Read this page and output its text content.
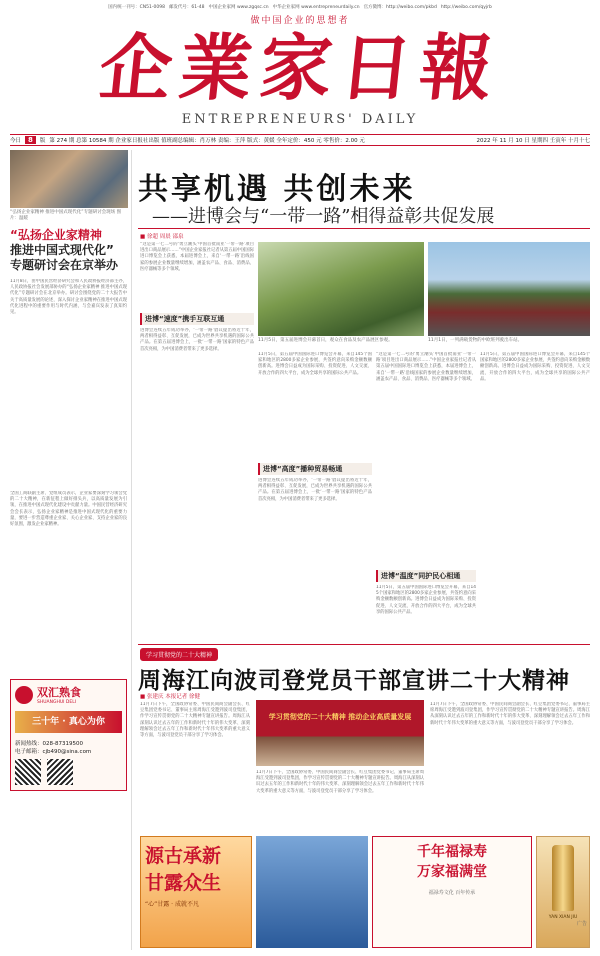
国内统一刊号：CN51-0098 邮发代号：61-48 中国企业家网 www.zgqsc.cn 中华企业家网 www.entrepreneurdaily.cn 官方微博：http://weibo.com/pkbd http://weibo.com/qyjrb
做中国企业的思想者
企業家日報
ENTREPRENEURS' DAILY
今日	8	版 第 274 期 总第 10584 期 企业家日报社出版 值班副总编辑：肖万林 责编：王萍 版式：黄媛 全年定价：450 元 零售价：2.00 元	2022 年 11 月 10 日 星期四 壬寅年 十月十七
“弘扬企业家精神 推进中国式现代化”专题研讨会现场 图片：温暖
“弘扬企业家精神
推进中国式现代化”
专题研讨会在京举办
11月8日，由中国民营经济研究会和人民政协报经济部主办，人民政协报社会发展部协办的“弘扬企业家精神 推进中国式现代化”专题研讨会在北京举办。研讨会围绕党的二十大报告中关于高质量发展的论述，深入探讨企业家精神在推进中国式现代化进程中的重要作用与时代内涵，与会嘉宾发表了真知灼见。
全国工商联副主席、党组成员表示，企业家要深刻学习领会党的二十大精神，在新征程上做好排头兵，以高质量发展为引领，在推进中国式现代化建设中贡献力量。中国民营经济研究会会长表示，弘扬企业家精神是推进中国式现代化的重要力量，要进一步营造尊重企业家、关心企业家、支持企业家的良好氛围，激发企业家精神。
双汇熟食
SHUANGHUI DELI
三十年 · 真心为你
新闻热线：028-87319500
电子邮箱：cjb490@sina.com
共享机遇 共创未来
——进博会与“一带一路”相得益彰共促发展
■ 徐超 周晨 邵泉
“这是第一七二号的‘勇立潮头’中国首批南亚‘一带一路’项目进出口商品展示……”中国企业家报社记者从第五届中国国际进口博览会上获悉，本届进博会上，来自‘一带一路’沿线国家的参展企业数量继续增加，涵盖农产品、食品、消费品、医疗器械等多个领域。
进博“速度”携手互联互通
进博会连续五年成功举办，‘一带一路’倡议提出将近十年，两者相得益彰、互促发展，已成为世界共享机遇的国际公共产品。在第五届进博会上，一批‘一带一路’国家的特色产品首次亮相，为中国消费者带来了更多选择。
11月5日，第五届进博会开幕首日，观众在食品及农产品展区参观。	11月1日，一列满载货物的中欧班列驶出车站。
11月5日，第五届中国国际进口博览会开幕，来自145个国家和地区的2800多家企业参展，共签约意向采购金额数额创新高。进博会日益成为国际采购、投资促进、人文交流、开放合作的四大平台，成为全球共享的国际公共产品。
进博“高度”播种贸易畅通
进博会连续五年成功举办，‘一带一路’倡议提出将近十年，两者相得益彰、互促发展，已成为世界共享机遇的国际公共产品。在第五届进博会上，一批‘一带一路’国家的特色产品首次亮相，为中国消费者带来了更多选择。
“这是第一七二号的‘勇立潮头’中国首批南亚‘一带一路’项目进出口商品展示……”中国企业家报社记者从第五届中国国际进口博览会上获悉，本届进博会上，来自‘一带一路’沿线国家的参展企业数量继续增加，涵盖农产品、食品、消费品、医疗器械等多个领域。
进博“温度”同护民心相通
11月5日，第五届中国国际进口博览会开幕，来自145个国家和地区的2800多家企业参展，共签约意向采购金额数额创新高。进博会日益成为国际采购、投资促进、人文交流、开放合作的四大平台，成为全球共享的国际公共产品。
11月5日，第五届中国国际进口博览会开幕，来自145个国家和地区的2800多家企业参展，共签约意向采购金额数额创新高。进博会日益成为国际采购、投资促进、人文交流、开放合作的四大平台，成为全球共享的国际公共产品。
学习贯彻党的二十大精神
周海江向波司登党员干部宣讲二十大精神
■ 张建庆 本报记者 徐健
11月7日下午，全国政协常委、中国民间商会副会长、红豆集团党委书记、董事局主席周海江受邀到波司登集团，作学习宣传贯彻党的二十大精神专题宣讲报告。周海江从深刻认识过去五年的工作和新时代十年的伟大变革、深刻理解领会过去五年工作和新时代十年伟大变革的重大意义等方面，与波司登党员干部分享了学习体会。
学习贯彻党的二十大精神 推动企业高质量发展
11月7日下午，全国政协常委、中国民间商会副会长、红豆集团党委书记、董事局主席周海江受邀到波司登集团，作学习宣传贯彻党的二十大精神专题宣讲报告。周海江从深刻认识过去五年的工作和新时代十年的伟大变革、深刻理解领会过去五年工作和新时代十年伟大变革的重大意义等方面，与波司登党员干部分享了学习体会。
11月7日下午，全国政协常委、中国民间商会副会长、红豆集团党委书记、董事局主席周海江受邀到波司登集团，作学习宣传贯彻党的二十大精神专题宣讲报告。周海江从深刻认识过去五年的工作和新时代十年的伟大变革、深刻理解领会过去五年工作和新时代十年伟大变革的重大意义等方面，与波司登党员干部分享了学习体会。
源古承新
甘露众生
“心”甘露 · 成就不凡
千年福禄寿
万家福满堂
福禄寿文化 百年传承
YAN XIAN JIU
广告
